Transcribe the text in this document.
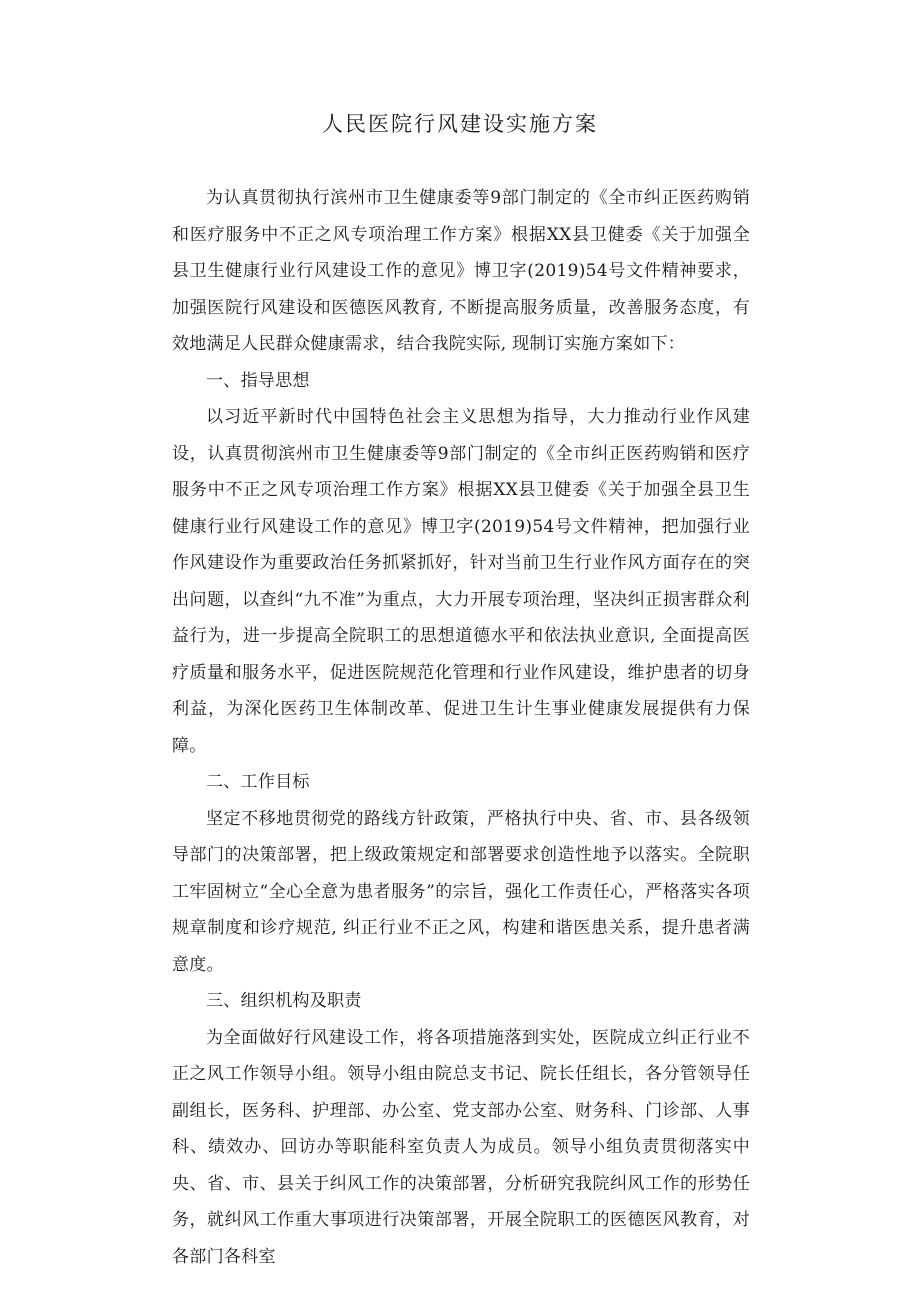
人民医院行风建设实施方案

为认真贯彻执行滨州市卫生健康委等9部门制定的《全市纠正医药购销和医疗服务中不正之风专项治理工作方案》根据XX县卫健委《关于加强全县卫生健康行业行风建设工作的意见》博卫字(2019)54号文件精神要求，加强医院行风建设和医德医风教育, 不断提高服务质量，改善服务态度，有效地满足人民群众健康需求，结合我院实际, 现制订实施方案如下：

一、指导思想

以习近平新时代中国特色社会主义思想为指导，大力推动行业作风建设，认真贯彻滨州市卫生健康委等9部门制定的《全市纠正医药购销和医疗服务中不正之风专项治理工作方案》根据XX县卫健委《关于加强全县卫生健康行业行风建设工作的意见》博卫字(2019)54号文件精神，把加强行业作风建设作为重要政治任务抓紧抓好，针对当前卫生行业作风方面存在的突出问题，以查纠“九不准”为重点，大力开展专项治理，坚决纠正损害群众利益行为，进一步提高全院职工的思想道德水平和依法执业意识, 全面提高医疗质量和服务水平，促进医院规范化管理和行业作风建设，维护患者的切身利益，为深化医药卫生体制改革、促进卫生计生事业健康发展提供有力保障。

二、工作目标

坚定不移地贯彻党的路线方针政策，严格执行中央、省、市、县各级领导部门的决策部署，把上级政策规定和部署要求创造性地予以落实。全院职工牢固树立“全心全意为患者服务”的宗旨，强化工作责任心，严格落实各项规章制度和诊疗规范, 纠正行业不正之风，构建和谐医患关系，提升患者满意度。

三、组织机构及职责

为全面做好行风建设工作，将各项措施落到实处，医院成立纠正行业不正之风工作领导小组。领导小组由院总支书记、院长任组长，各分管领导任副组长，医务科、护理部、办公室、党支部办公室、财务科、门诊部、人事科、绩效办、回访办等职能科室负责人为成员。领导小组负责贯彻落实中央、省、市、县关于纠风工作的决策部署，分析研究我院纠风工作的形势任务，就纠风工作重大事项进行决策部署，开展全院职工的医德医风教育，对各部门各科室
